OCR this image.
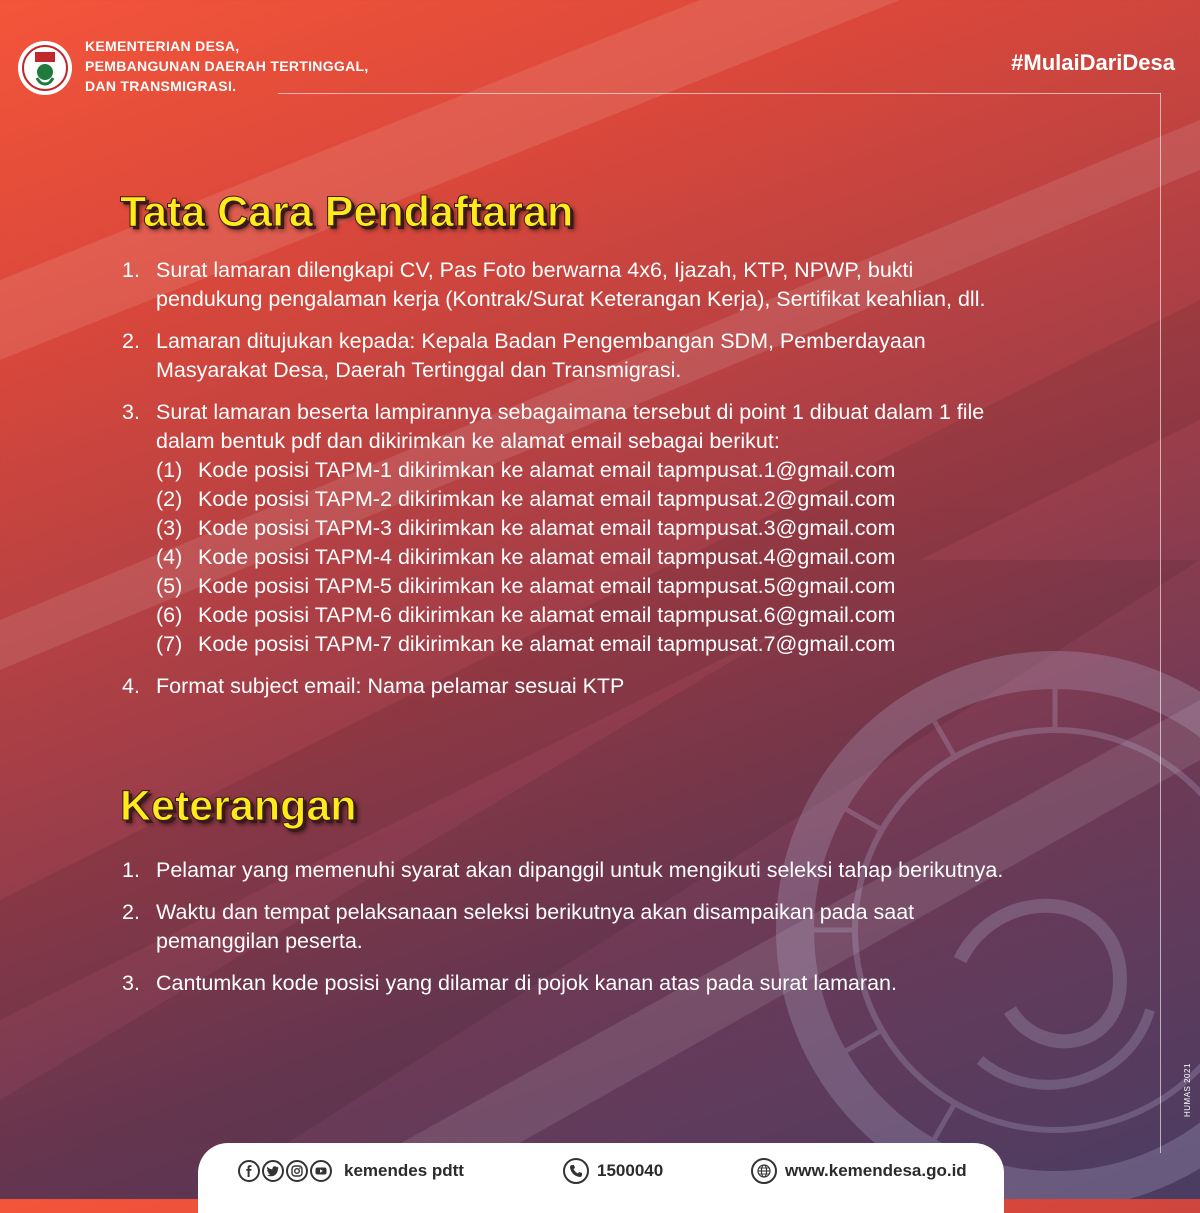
KEMENTERIAN DESA,
PEMBANGUNAN DAERAH TERTINGGAL,
DAN TRANSMIGRASI.
#MulaiDariDesa
Tata Cara Pendaftaran
1. Surat lamaran dilengkapi CV, Pas Foto berwarna 4x6, Ijazah, KTP, NPWP, bukti
pendukung pengalaman kerja (Kontrak/Surat Keterangan Kerja), Sertifikat keahlian, dll.
2. Lamaran ditujukan kepada: Kepala Badan Pengembangan SDM, Pemberdayaan
Masyarakat Desa, Daerah Tertinggal dan Transmigrasi.
3. Surat lamaran beserta lampirannya sebagaimana tersebut di point 1 dibuat dalam 1 file
dalam bentuk pdf dan dikirimkan ke alamat email sebagai berikut:
(1) Kode posisi TAPM-1 dikirimkan ke alamat email tapmpusat.1@gmail.com
(2) Kode posisi TAPM-2 dikirimkan ke alamat email tapmpusat.2@gmail.com
(3) Kode posisi TAPM-3 dikirimkan ke alamat email tapmpusat.3@gmail.com
(4) Kode posisi TAPM-4 dikirimkan ke alamat email tapmpusat.4@gmail.com
(5) Kode posisi TAPM-5 dikirimkan ke alamat email tapmpusat.5@gmail.com
(6) Kode posisi TAPM-6 dikirimkan ke alamat email tapmpusat.6@gmail.com
(7) Kode posisi TAPM-7 dikirimkan ke alamat email tapmpusat.7@gmail.com
4. Format subject email: Nama pelamar sesuai KTP
Keterangan
1. Pelamar yang memenuhi syarat akan dipanggil untuk mengikuti seleksi tahap berikutnya.
2. Waktu dan tempat pelaksanaan seleksi berikutnya akan disampaikan pada saat
pemanggilan peserta.
3. Cantumkan kode posisi yang dilamar di pojok kanan atas pada surat lamaran.
HUMAS 2021
kemendes pdtt	1500040	www.kemendesa.go.id
